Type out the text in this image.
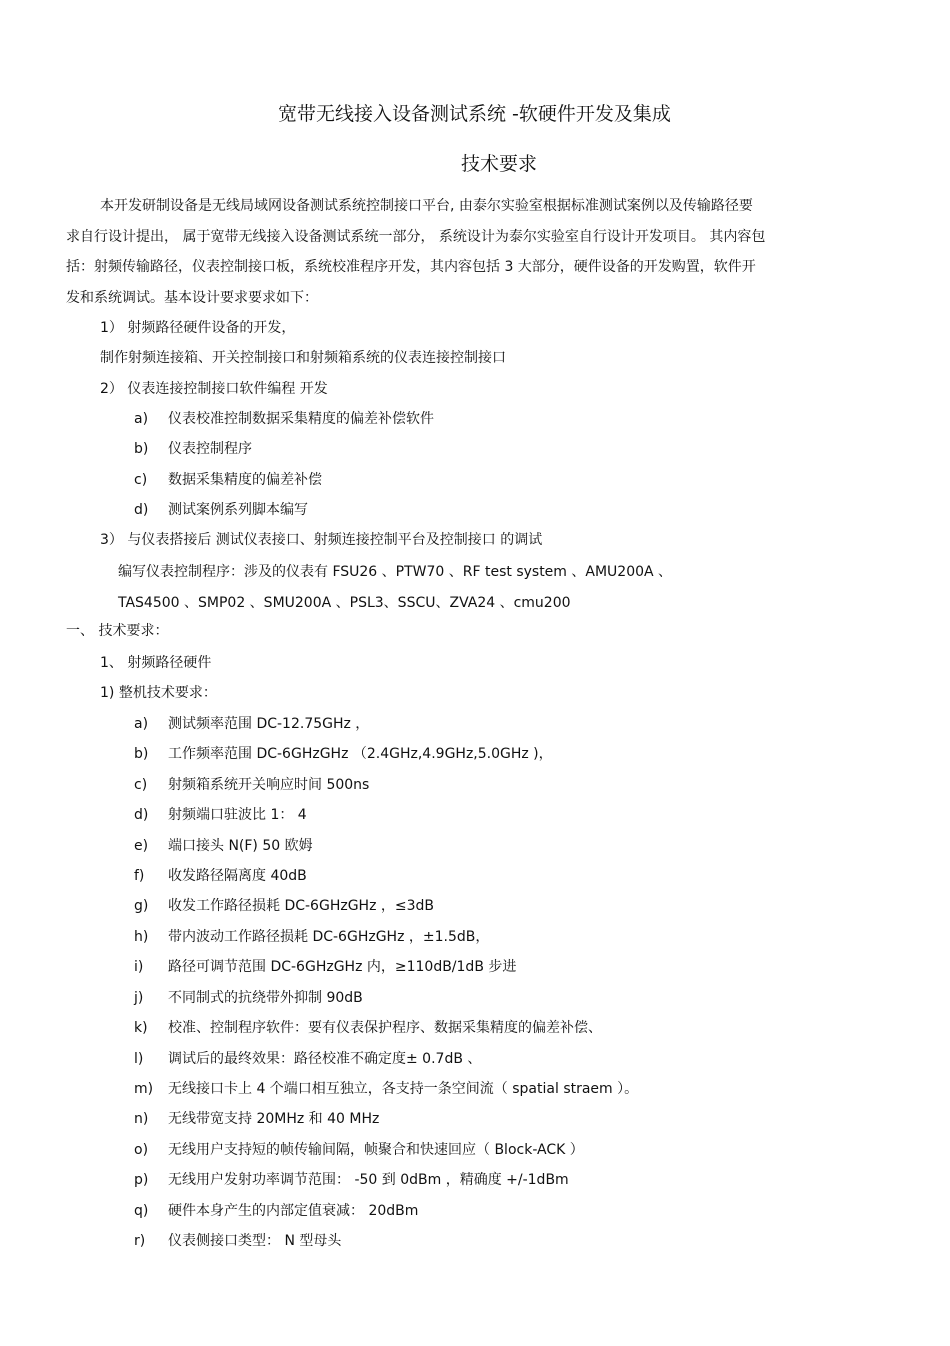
宽带无线接入设备测试系统 -软硬件开发及集成
技术要求
本开发研制设备是无线局域网设备测试系统控制接口平台, 由泰尔实验室根据标准测试案例以及传输路径要
求自行设计提出， 属于宽带无线接入设备测试系统一部分， 系统设计为泰尔实验室自行设计开发项目。 其内容包
括：射频传输路径，仪表控制接口板，系统校准程序开发，其内容包括 3 大部分，硬件设备的开发购置，软件开
发和系统调试。基本设计要求要求如下：
1） 射频路径硬件设备的开发，
制作射频连接箱、开关控制接口和射频箱系统的仪表连接控制接口
2） 仪表连接控制接口软件编程 开发
a) 仪表校准控制数据采集精度的偏差补偿软件
b) 仪表控制程序
c) 数据采集精度的偏差补偿
d) 测试案例系列脚本编写
3） 与仪表搭接后 测试仪表接口、射频连接控制平台及控制接口 的调试
编写仪表控制程序：涉及的仪表有 FSU26 、PTW70 、RF test system 、AMU200A 、
TAS4500 、SMP02 、SMU200A 、PSL3、SSCU、ZVA24 、cmu200
一、 技术要求：
1、 射频路径硬件
1) 整机技术要求：
a) 测试频率范围 DC-12.75GHz ，
b) 工作频率范围 DC-6GHzGHz （2.4GHz,4.9GHz,5.0GHz )，
c) 射频箱系统开关响应时间 500ns
d) 射频端口驻波比 1： 4
e) 端口接头 N(F) 50 欧姆
f) 收发路径隔离度 40dB
g) 收发工作路径损耗 DC-6GHzGHz ，≤3dB
h) 带内波动工作路径损耗 DC-6GHzGHz ，±1.5dB，
i) 路径可调节范围 DC-6GHzGHz 内，≥110dB/1dB 步进
j) 不同制式的抗绕带外抑制 90dB
k) 校准、控制程序软件：要有仪表保护程序、数据采集精度的偏差补偿、
l) 调试后的最终效果：路径校准不确定度± 0.7dB 、
m) 无线接口卡上 4 个端口相互独立，各支持一条空间流（ spatial straem ）。
n) 无线带宽支持 20MHz 和 40 MHz
o) 无线用户支持短的帧传输间隔，帧聚合和快速回应（ Block-ACK ）
p) 无线用户发射功率调节范围： -50 到 0dBm ，精确度 +/-1dBm
q) 硬件本身产生的内部定值衰减： 20dBm
r) 仪表侧接口类型： N 型母头
